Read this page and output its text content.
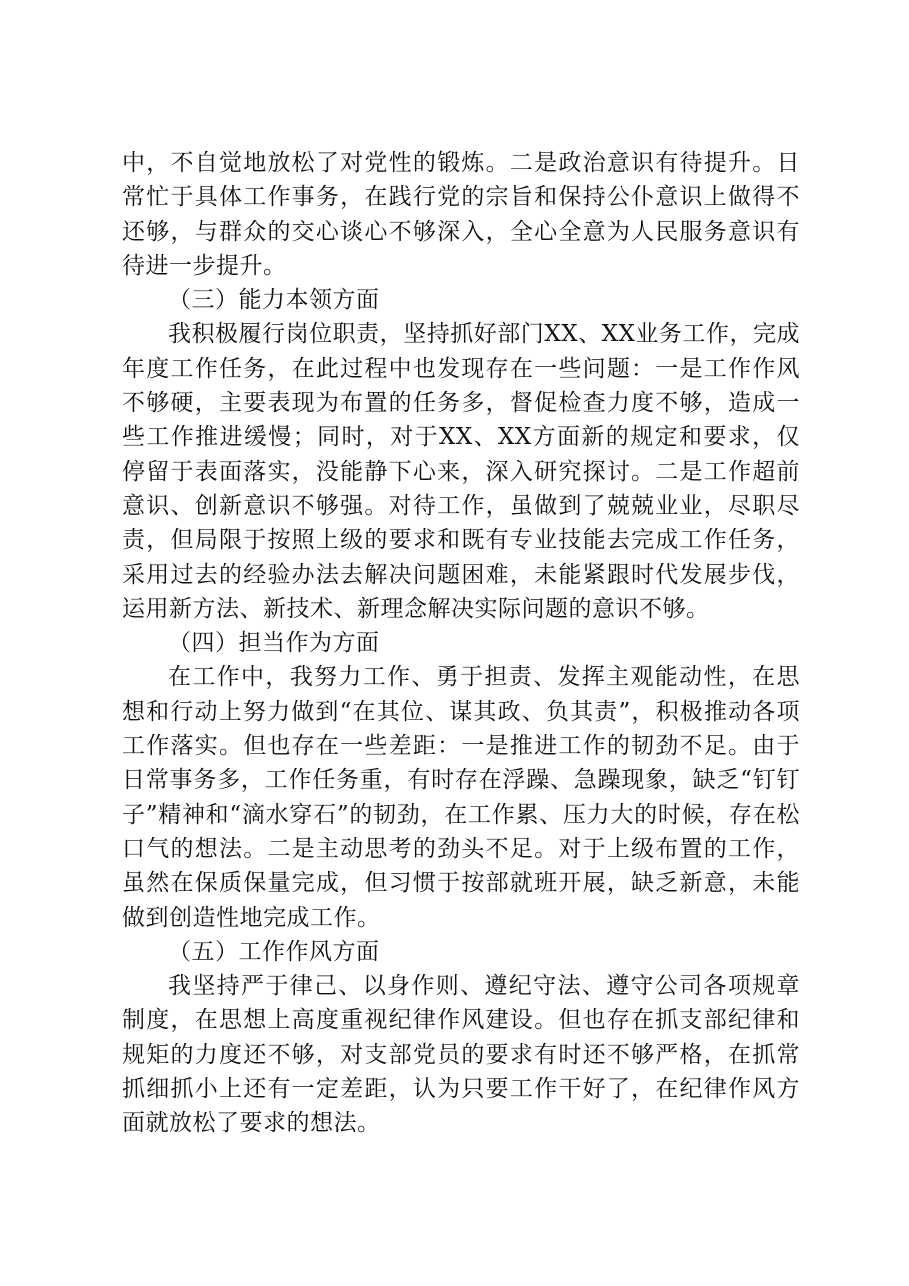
中，不自觉地放松了对党性的锻炼。二是政治意识有待提升。日常忙于具体工作事务，在践行党的宗旨和保持公仆意识上做得不还够，与群众的交心谈心不够深入，全心全意为人民服务意识有待进一步提升。

（三）能力本领方面

我积极履行岗位职责，坚持抓好部门XX、XX业务工作，完成年度工作任务，在此过程中也发现存在一些问题：一是工作作风不够硬，主要表现为布置的任务多，督促检查力度不够，造成一些工作推进缓慢；同时，对于XX、XX方面新的规定和要求，仅停留于表面落实，没能静下心来，深入研究探讨。二是工作超前意识、创新意识不够强。对待工作，虽做到了兢兢业业，尽职尽责，但局限于按照上级的要求和既有专业技能去完成工作任务，采用过去的经验办法去解决问题困难，未能紧跟时代发展步伐，运用新方法、新技术、新理念解决实际问题的意识不够。

（四）担当作为方面

在工作中，我努力工作、勇于担责、发挥主观能动性，在思想和行动上努力做到“在其位、谋其政、负其责”，积极推动各项工作落实。但也存在一些差距：一是推进工作的韧劲不足。由于日常事务多，工作任务重，有时存在浮躁、急躁现象，缺乏“钉钉子”精神和“滴水穿石”的韧劲，在工作累、压力大的时候，存在松口气的想法。二是主动思考的劲头不足。对于上级布置的工作，虽然在保质保量完成，但习惯于按部就班开展，缺乏新意，未能做到创造性地完成工作。

（五）工作作风方面

我坚持严于律己、以身作则、遵纪守法、遵守公司各项规章制度，在思想上高度重视纪律作风建设。但也存在抓支部纪律和规矩的力度还不够，对支部党员的要求有时还不够严格，在抓常抓细抓小上还有一定差距，认为只要工作干好了，在纪律作风方面就放松了要求的想法。
